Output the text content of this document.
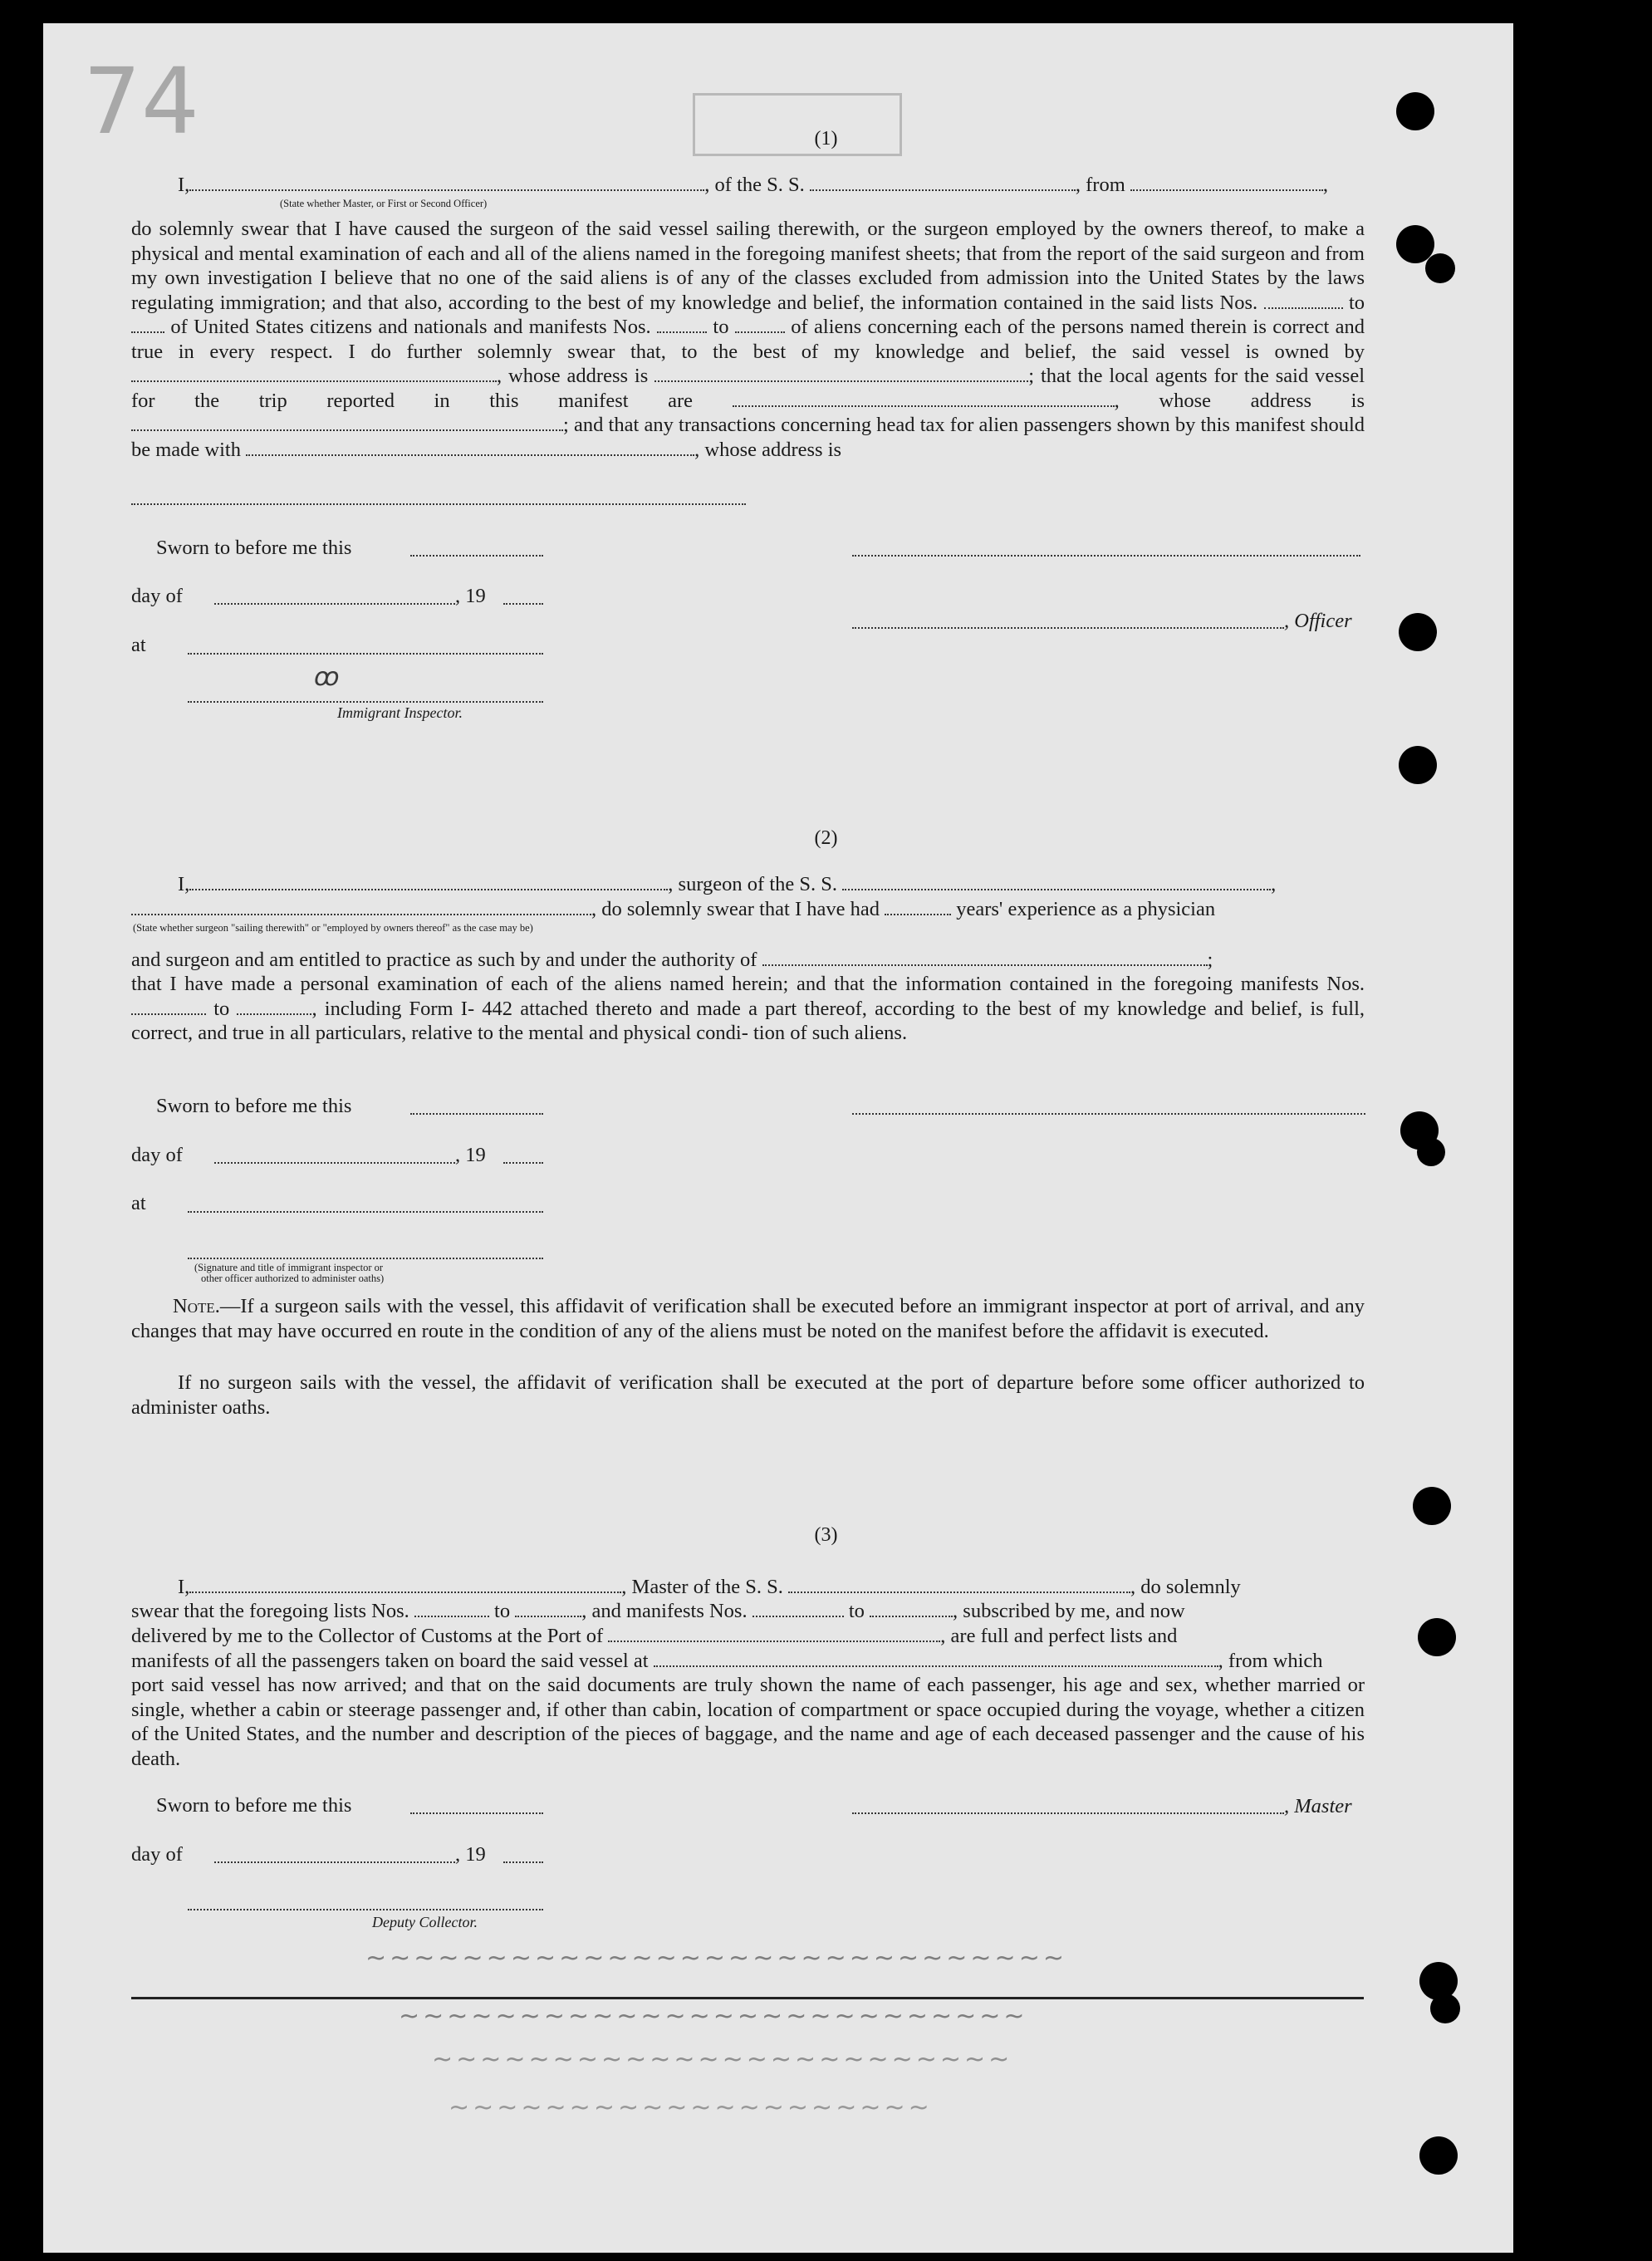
74	(1)
I,	, of the S. S.	, from	,
(State whether Master, or First or Second Officer)
do solemnly swear that I have caused the surgeon of the said vessel sailing therewith, or the surgeon employed by the owners thereof, to make a physical and mental examination of each and all of the aliens named in the foregoing manifest sheets; that from the report of the said surgeon and from my own investigation I believe that no one of the said aliens is of any of the classes excluded from admission into the United States by the laws regulating immigration; and that also, according to the best of my knowledge and belief, the information contained in the said lists Nos.	to  of United States citizens and nationals and manifests Nos.	to	of aliens concerning each of the persons named therein is correct and true in every respect. I do further solemnly swear that, to the best of my knowledge and belief, the said vessel is owned by , whose address is	; that the local agents for the said vessel for the trip reported in this manifest are	, whose address is ; and that any transactions concerning head tax for alien passengers shown by this manifest should be made with	, whose address is
Sworn to before me this
day of	, 19
, Officer
at
ꝏ
Immigrant Inspector.
(2)
I,	, surgeon of the S. S.	,
, do solemnly swear that I have had	years' experience as a physician
(State whether surgeon "sailing therewith" or "employed by owners thereof" as the case may be)
and surgeon and am entitled to practice as such by and under the authority of	;
that I have made a personal examination of each of the aliens named herein; and that the information contained in the foregoing manifests Nos.  to	, including Form I- 442 attached thereto and made a part thereof, according to the best of my knowledge and belief, is full, correct, and true in all particulars, relative to the mental and physical condi- tion of such aliens.
Sworn to before me this
day of	, 19
at
(Signature and title of immigrant inspector or
other officer authorized to administer oaths)
Note.—If a surgeon sails with the vessel, this affidavit of verification shall be executed before an immigrant inspector at port of arrival, and any changes that may have occurred en route in the condition of any of the aliens must be noted on the manifest before the affidavit is executed.
If no surgeon sails with the vessel, the affidavit of verification shall be executed at the port of departure before some officer authorized to administer oaths.
(3)
I,	, Master of the S. S.	, do solemnly
swear that the foregoing lists Nos.	to	, and manifests Nos.	to	, subscribed by me, and now
delivered by me to the Collector of Customs at the Port of	, are full and perfect lists and
manifests of all the passengers taken on board the said vessel at	, from which
port said vessel has now arrived; and that on the said documents are truly shown the name of each passenger, his age and sex, whether married or single, whether a cabin or steerage passenger and, if other than cabin, location of compartment or space occupied during the voyage, whether a citizen of the United States, and the number and description of the pieces of baggage, and the name and age of each deceased passenger and the cause of his death.
Sworn to before me this	, Master
day of	, 19
Deputy Collector.
~~~~~~~~~~~~~~~~~~~~~~~~~~~~~
~~~~~~~~~~~~~~~~~~~~~~~~~~
~~~~~~~~~~~~~~~~~~~~~~~~
~~~~~~~~~~~~~~~~~~~~
